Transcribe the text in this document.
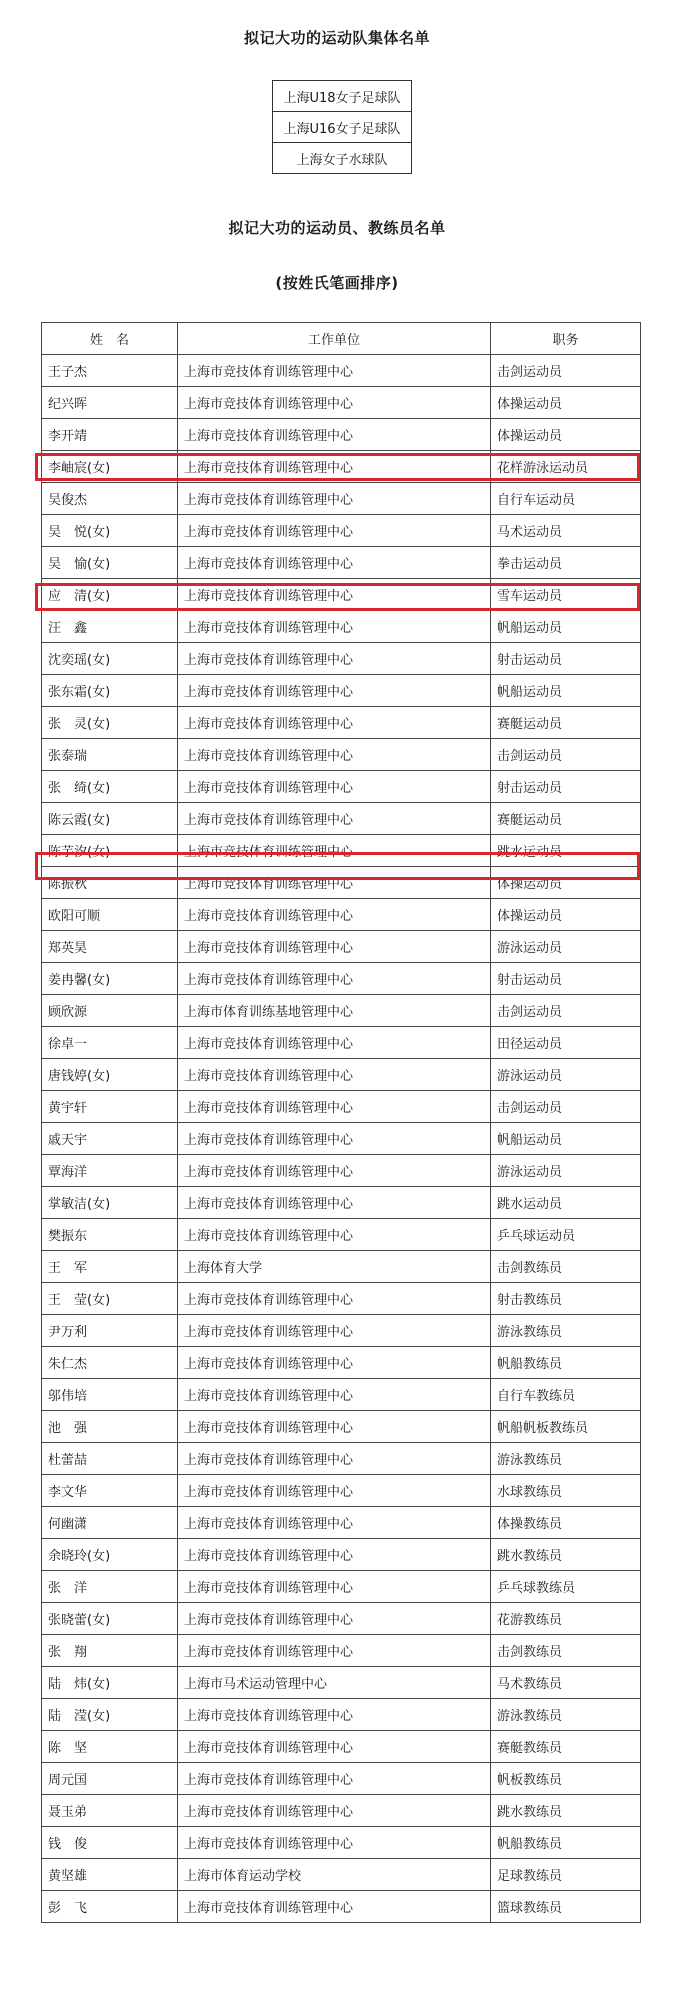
拟记大功的运动队集体名单
上海U18女子足球队
上海U16女子足球队
上海女子水球队
拟记大功的运动员、教练员名单
(按姓氏笔画排序)
姓　名	工作单位	职务
王子杰	上海市竞技体育训练管理中心	击剑运动员
纪兴晖	上海市竞技体育训练管理中心	体操运动员
李开靖	上海市竞技体育训练管理中心	体操运动员
李岫宸(女)	上海市竞技体育训练管理中心	花样游泳运动员
吴俊杰	上海市竞技体育训练管理中心	自行车运动员
吴　悦(女)	上海市竞技体育训练管理中心	马术运动员
吴　愉(女)	上海市竞技体育训练管理中心	拳击运动员
应　清(女)	上海市竞技体育训练管理中心	雪车运动员
汪　鑫	上海市竞技体育训练管理中心	帆船运动员
沈奕瑶(女)	上海市竞技体育训练管理中心	射击运动员
张东霜(女)	上海市竞技体育训练管理中心	帆船运动员
张　灵(女)	上海市竞技体育训练管理中心	赛艇运动员
张泰瑞	上海市竞技体育训练管理中心	击剑运动员
张　绮(女)	上海市竞技体育训练管理中心	射击运动员
陈云霞(女)	上海市竞技体育训练管理中心	赛艇运动员
陈芋汐(女)	上海市竞技体育训练管理中心	跳水运动员
陈振秋	上海市竞技体育训练管理中心	体操运动员
欧阳可顺	上海市竞技体育训练管理中心	体操运动员
郑英昊	上海市竞技体育训练管理中心	游泳运动员
姜冉馨(女)	上海市竞技体育训练管理中心	射击运动员
顾欣源	上海市体育训练基地管理中心	击剑运动员
徐卓一	上海市竞技体育训练管理中心	田径运动员
唐钱婷(女)	上海市竞技体育训练管理中心	游泳运动员
黄宇轩	上海市竞技体育训练管理中心	击剑运动员
戚天宇	上海市竞技体育训练管理中心	帆船运动员
覃海洋	上海市竞技体育训练管理中心	游泳运动员
掌敏洁(女)	上海市竞技体育训练管理中心	跳水运动员
樊振东	上海市竞技体育训练管理中心	乒乓球运动员
王　军	上海体育大学	击剑教练员
王　莹(女)	上海市竞技体育训练管理中心	射击教练员
尹万利	上海市竞技体育训练管理中心	游泳教练员
朱仁杰	上海市竞技体育训练管理中心	帆船教练员
邬伟培	上海市竞技体育训练管理中心	自行车教练员
池　强	上海市竞技体育训练管理中心	帆船帆板教练员
杜蕾喆	上海市竞技体育训练管理中心	游泳教练员
李文华	上海市竞技体育训练管理中心	水球教练员
何幽潇	上海市竞技体育训练管理中心	体操教练员
余晓玲(女)	上海市竞技体育训练管理中心	跳水教练员
张　洋	上海市竞技体育训练管理中心	乒乓球教练员
张晓蕾(女)	上海市竞技体育训练管理中心	花游教练员
张　翔	上海市竞技体育训练管理中心	击剑教练员
陆　炜(女)	上海市马术运动管理中心	马术教练员
陆　滢(女)	上海市竞技体育训练管理中心	游泳教练员
陈　坚	上海市竞技体育训练管理中心	赛艇教练员
周元国	上海市竞技体育训练管理中心	帆板教练员
聂玉弟	上海市竞技体育训练管理中心	跳水教练员
钱　俊	上海市竞技体育训练管理中心	帆船教练员
黄坚雄	上海市体育运动学校	足球教练员
彭　飞	上海市竞技体育训练管理中心	篮球教练员
